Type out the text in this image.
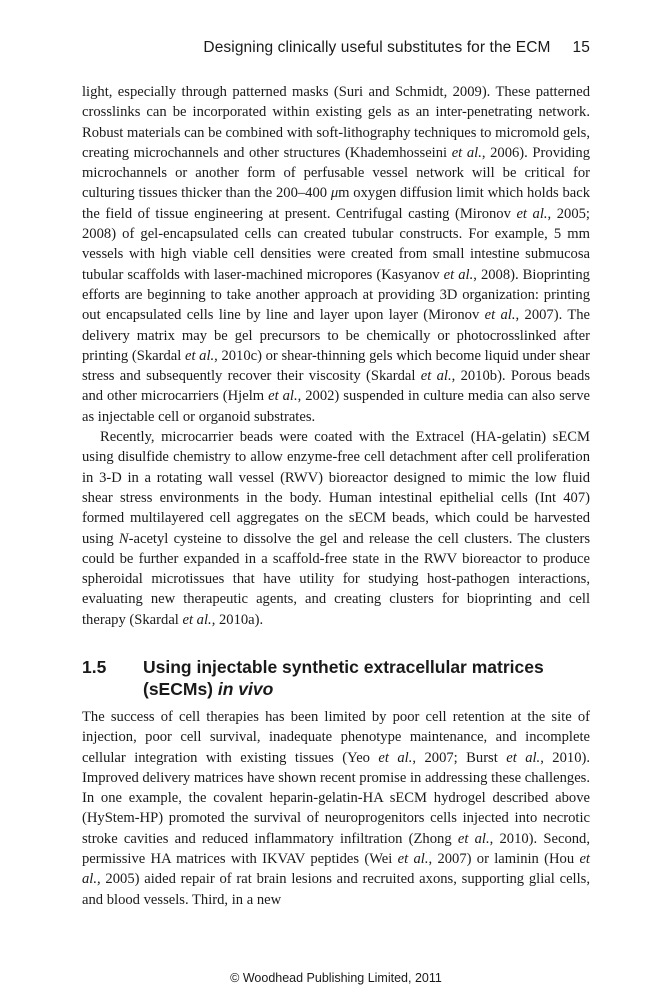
Designing clinically useful substitutes for the ECM 15

light, especially through patterned masks (Suri and Schmidt, 2009). These patterned crosslinks can be incorporated within existing gels as an inter-penetrating network. Robust materials can be combined with soft-lithography techniques to micromold gels, creating microchannels and other structures (Khademhosseini et al., 2006). Providing microchannels or another form of perfusable vessel network will be critical for culturing tissues thicker than the 200–400 μm oxygen diffusion limit which holds back the field of tissue engineering at present. Centrifugal casting (Mironov et al., 2005; 2008) of gel-encapsulated cells can created tubular constructs. For example, 5 mm vessels with high viable cell densities were created from small intestine submucosa tubular scaffolds with laser-machined micropores (Kasyanov et al., 2008). Bioprinting efforts are beginning to take another approach at providing 3D organization: printing out encapsulated cells line by line and layer upon layer (Mironov et al., 2007). The delivery matrix may be gel precursors to be chemically or photocrosslinked after printing (Skardal et al., 2010c) or shear-thinning gels which become liquid under shear stress and subsequently recover their viscosity (Skardal et al., 2010b). Porous beads and other microcarriers (Hjelm et al., 2002) suspended in culture media can also serve as injectable cell or organoid substrates.

Recently, microcarrier beads were coated with the Extracel (HA-gelatin) sECM using disulfide chemistry to allow enzyme-free cell detachment after cell proliferation in 3-D in a rotating wall vessel (RWV) bioreactor designed to mimic the low fluid shear stress environments in the body. Human intestinal epithelial cells (Int 407) formed multilayered cell aggregates on the sECM beads, which could be harvested using N-acetyl cysteine to dissolve the gel and release the cell clusters. The clusters could be further expanded in a scaffold-free state in the RWV bioreactor to produce spheroidal microtissues that have utility for studying host-pathogen interactions, evaluating new therapeutic agents, and creating clusters for bioprinting and cell therapy (Skardal et al., 2010a).

1.5 Using injectable synthetic extracellular matrices (sECMs) in vivo

The success of cell therapies has been limited by poor cell retention at the site of injection, poor cell survival, inadequate phenotype maintenance, and incomplete cellular integration with existing tissues (Yeo et al., 2007; Burst et al., 2010). Improved delivery matrices have shown recent promise in addressing these challenges. In one example, the covalent heparin-gelatin-HA sECM hydrogel described above (HyStem-HP) promoted the survival of neuroprogenitors cells injected into necrotic stroke cavities and reduced inflammatory infiltration (Zhong et al., 2010). Second, permissive HA matrices with IKVAV peptides (Wei et al., 2007) or laminin (Hou et al., 2005) aided repair of rat brain lesions and recruited axons, supporting glial cells, and blood vessels. Third, in a new

© Woodhead Publishing Limited, 2011
